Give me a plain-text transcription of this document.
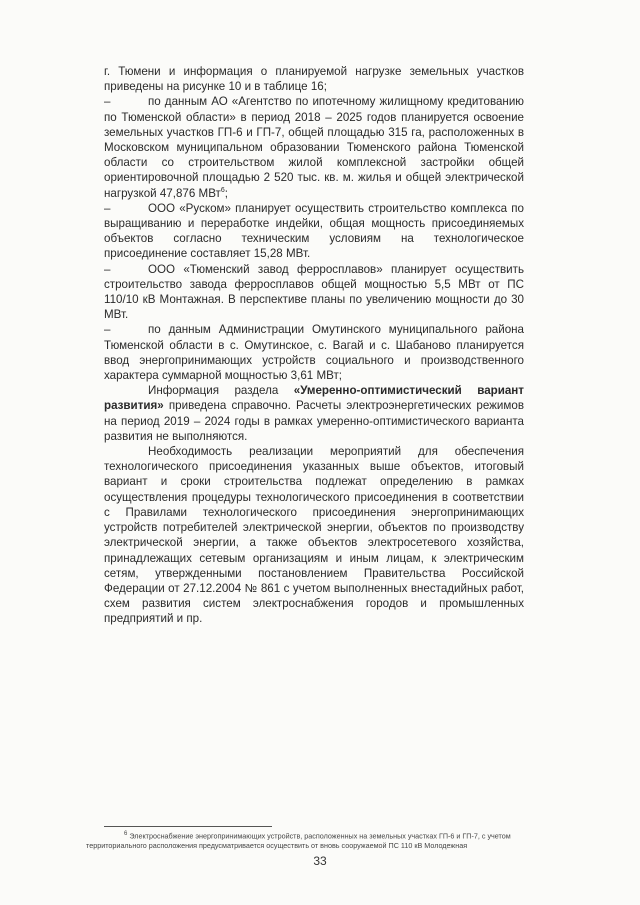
г. Тюмени и информация о планируемой нагрузке земельных участков приведены на рисунке 10 и в таблице 16;

–	по данным АО «Агентство по ипотечному жилищному кредитованию по Тюменской области» в период 2018 – 2025 годов планируется освоение земельных участков ГП-6 и ГП-7, общей площадью 315 га, расположенных в Московском муниципальном образовании Тюменского района Тюменской области со строительством жилой комплексной застройки общей ориентировочной площадью 2 520 тыс. кв. м. жилья и общей электрической нагрузкой 47,876 МВт$^6$;

–	ООО «Руском» планирует осуществить строительство комплекса по выращиванию и переработке индейки, общая мощность присоединяемых объектов согласно техническим условиям на технологическое присоединение составляет 15,28 МВт.

–	ООО «Тюменский завод ферросплавов» планирует осуществить строительство завода ферросплавов общей мощностью 5,5 МВт от ПС 110/10 кВ Монтажная. В перспективе планы по увеличению мощности до 30 МВт.

–	по данным Администрации Омутинского муниципального района Тюменской области в с. Омутинское, с. Вагай и с. Шабаново планируется ввод энергопринимающих устройств социального и производственного характера суммарной мощностью 3,61 МВт;

Информация раздела «Умеренно-оптимистический вариант развития» приведена справочно. Расчеты электроэнергетических режимов на период 2019 – 2024 годы в рамках умеренно-оптимистического варианта развития не выполняются.

Необходимость реализации мероприятий для обеспечения технологического присоединения указанных выше объектов, итоговый вариант и сроки строительства подлежат определению в рамках осуществления процедуры технологического присоединения в соответствии с Правилами технологического присоединения энергопринимающих устройств потребителей электрической энергии, объектов по производству электрической энергии, а также объектов электросетевого хозяйства, принадлежащих сетевым организациям и иным лицам, к электрическим сетям, утвержденными постановлением Правительства Российской Федерации от 27.12.2004 № 861 с учетом выполненных внестадийных работ, схем развития систем электроснабжения городов и промышленных предприятий и пр.

$^6$ Электроснабжение энергопринимающих устройств, расположенных на земельных участках ГП-6 и ГП-7, с учетом
территориального расположения предусматривается осуществить от вновь сооружаемой ПС 110 кВ Молодежная
33
